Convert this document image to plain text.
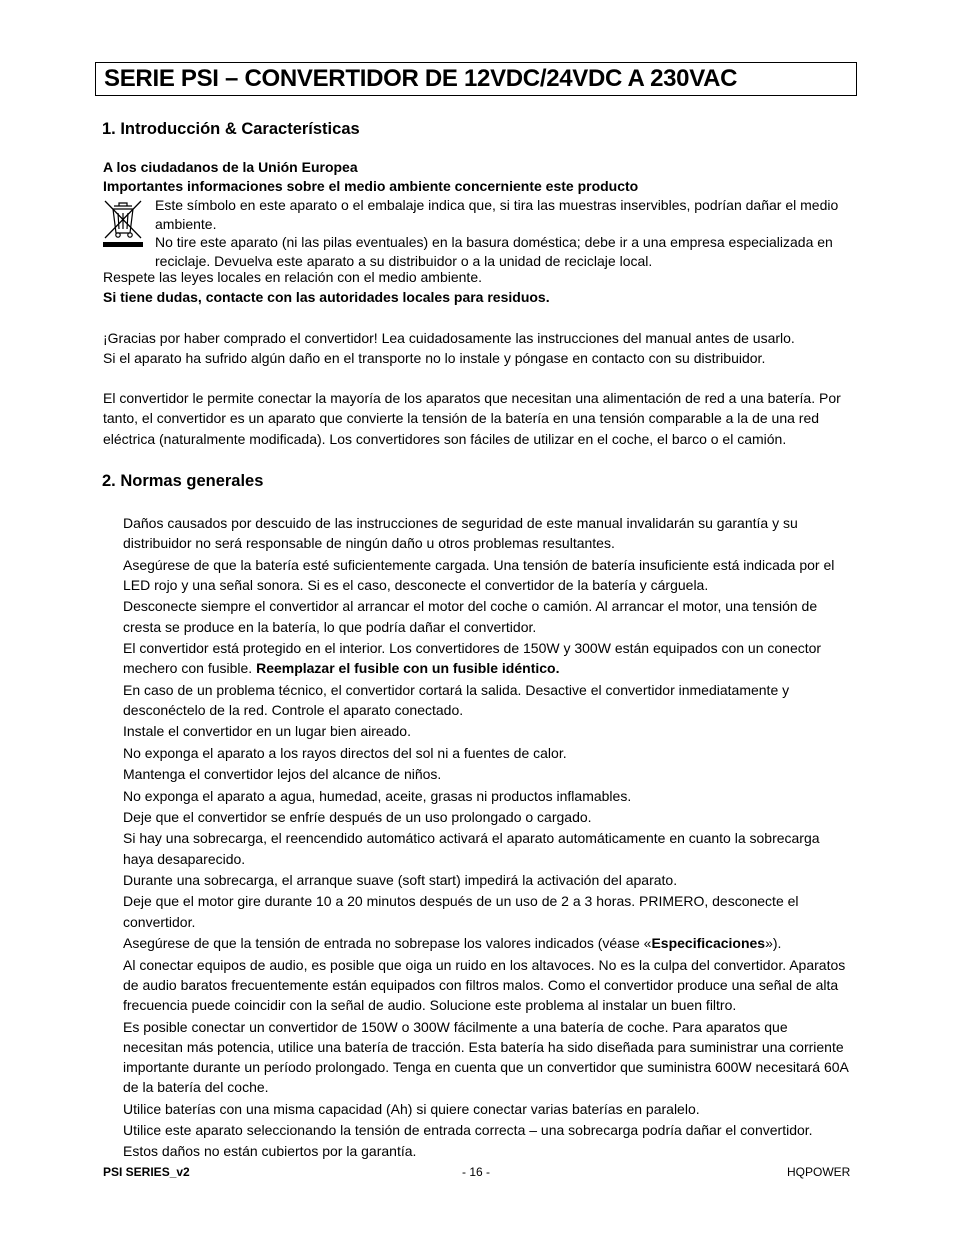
SERIE PSI – CONVERTIDOR DE 12VDC/24VDC A 230VAC
1. Introducción & Características
A los ciudadanos de la Unión Europea
Importantes informaciones sobre el medio ambiente concerniente este producto
Este símbolo en este aparato o el embalaje indica que, si tira las muestras inservibles, podrían dañar el medio ambiente.
No tire este aparato (ni las pilas eventuales) en la basura doméstica; debe ir a una empresa especializada en reciclaje. Devuelva este aparato a su distribuidor o a la unidad de reciclaje local.
Respete las leyes locales en relación con el medio ambiente.
Si tiene dudas, contacte con las autoridades locales para residuos.
¡Gracias por haber comprado el convertidor! Lea cuidadosamente las instrucciones del manual antes de usarlo.
Si el aparato ha sufrido algún daño en el transporte no lo instale y póngase en contacto con su distribuidor.
El convertidor le permite conectar la mayoría de los aparatos que necesitan una alimentación de red a una batería. Por tanto, el convertidor es un aparato que convierte la tensión de la batería en una tensión comparable a la de una red eléctrica (naturalmente modificada). Los convertidores son fáciles de utilizar en el coche, el barco o el camión.
2. Normas generales
Daños causados por descuido de las instrucciones de seguridad de este manual invalidarán su garantía y su distribuidor no será responsable de ningún daño u otros problemas resultantes.
Asegúrese de que la batería esté suficientemente cargada. Una tensión de batería insuficiente está indicada por el LED rojo y una señal sonora. Si es el caso, desconecte el convertidor de la batería y cárguela.
Desconecte siempre el convertidor al arrancar el motor del coche o camión. Al arrancar el motor, una tensión de cresta se produce en la batería, lo que podría dañar el convertidor.
El convertidor está protegido en el interior. Los convertidores de 150W y 300W están equipados con un conector mechero con fusible. Reemplazar el fusible con un fusible idéntico.
En caso de un problema técnico, el convertidor cortará la salida. Desactive el convertidor inmediatamente y desconéctelo de la red. Controle el aparato conectado.
Instale el convertidor en un lugar bien aireado.
No exponga el aparato a los rayos directos del sol ni a fuentes de calor.
Mantenga el convertidor lejos del alcance de niños.
No exponga el aparato a agua, humedad, aceite, grasas ni productos inflamables.
Deje que el convertidor se enfríe después de un uso prolongado o cargado.
Si hay una sobrecarga, el reencendido automático activará el aparato automáticamente en cuanto la sobrecarga haya desaparecido.
Durante una sobrecarga, el arranque suave (soft start) impedirá la activación del aparato.
Deje que el motor gire durante 10 a 20 minutos después de un uso de 2 a 3 horas. PRIMERO, desconecte el convertidor.
Asegúrese de que la tensión de entrada no sobrepase los valores indicados (véase «Especificaciones»).
Al conectar equipos de audio, es posible que oiga un ruido en los altavoces. No es la culpa del convertidor. Aparatos de audio baratos frecuentemente están equipados con filtros malos. Como el convertidor produce una señal de alta frecuencia puede coincidir con la señal de audio. Solucione este problema al instalar un buen filtro.
Es posible conectar un convertidor de 150W o 300W fácilmente a una batería de coche. Para aparatos que necesitan más potencia, utilice una batería de tracción. Esta batería ha sido diseñada para suministrar una corriente importante durante un período prolongado. Tenga en cuenta que un convertidor que suministra 600W necesitará 60A de la batería del coche.
Utilice baterías con una misma capacidad (Ah) si quiere conectar varias baterías en paralelo.
Utilice este aparato seleccionando la tensión de entrada correcta – una sobrecarga podría dañar el convertidor. Estos daños no están cubiertos por la garantía.
PSI SERIES_v2	- 16 -	HQPOWER
